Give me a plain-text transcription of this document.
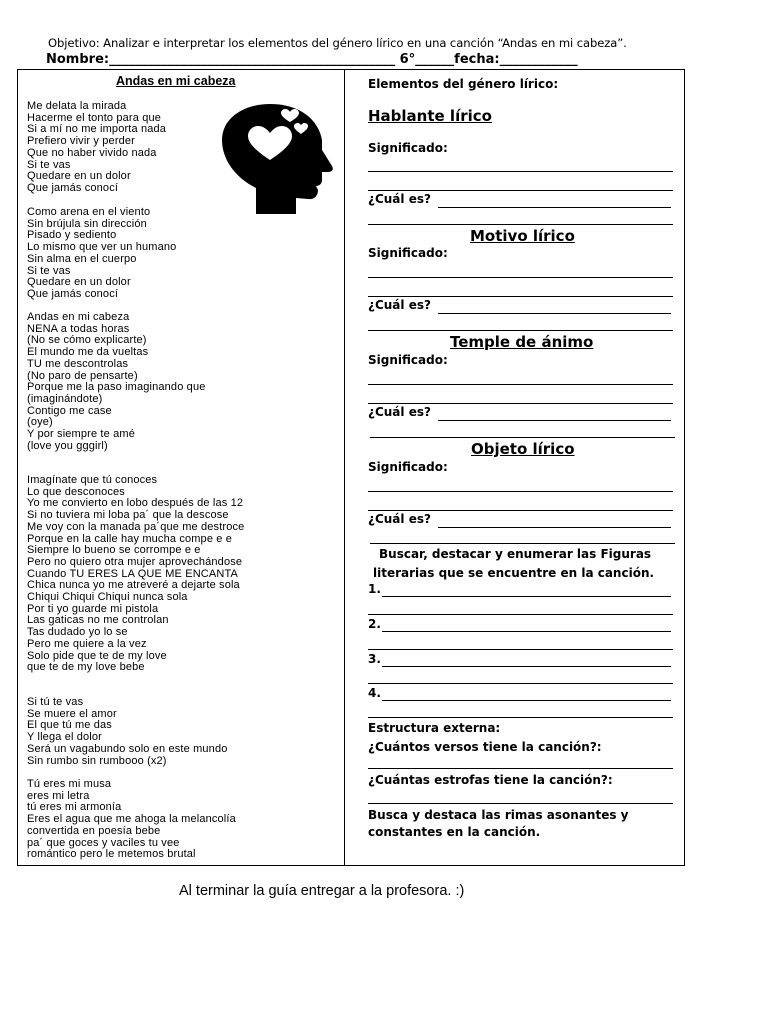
Objetivo: Analizar e interpretar los elementos del género lírico en una canción “Andas en mi cabeza”.
Nombre:____________________________________________ 6°______fecha:____________
Andas en mi cabeza
Me delata la mirada
Hacerme el tonto para que
Si a mí no me importa nada
Prefiero vivir y perder
Que no haber vivido nada
Si te vas
Quedare en un dolor
Que jamás conocí
Como arena en el viento
Sin brújula sin dirección
Pisado y sediento
Lo mismo que ver un humano
Sin alma en el cuerpo
Si te vas
Quedare en un dolor
Que jamás conocí
Andas en mi cabeza
NENA a todas horas
(No se cómo explicarte)
El mundo me da vueltas
TU me descontrolas
(No paro de pensarte)
Porque me la paso imaginando que
(imaginándote)
Contigo me case
(oye)
Y por siempre te amé
(love you gggirl)
Imagínate que tú conoces
Lo que desconoces
Yo me convierto en lobo después de las 12
Si no tuviera mi loba pa´ que la descose
Me voy con la manada pa´que me destroce
Porque en la calle hay mucha compe e e
Siempre lo bueno se corrompe e e
Pero no quiero otra mujer aprovechándose
Cuando TU ERES LA QUE ME ENCANTA
Chica nunca yo me atreveré a dejarte sola
Chiqui Chiqui Chiqui nunca sola
Por ti yo guarde mi pistola
Las gaticas no me controlan
Tas dudado yo lo se
Pero me quiere a la vez
Solo pide que te de my love
que te de my love bebe
Si tú te vas
Se muere el amor
El que tú me das
Y llega el dolor
Será un vagabundo solo en este mundo
Sin rumbo sin rumbooo (x2)
Tú eres mi musa
eres mi letra
tú eres mi armonía
Eres el agua que me ahoga la melancolía
convertida en poesía bebe
pa´ que goces y vaciles tu vee
romántico pero le metemos brutal
Elementos del género lírico:
Hablante lírico
Significado:
¿Cuál es?
Motivo lírico
Significado:
¿Cuál es?
Temple de ánimo
Significado:
¿Cuál es?
Objeto lírico
Significado:
¿Cuál es?
Buscar, destacar y enumerar las Figuras
literarias que se encuentre en la canción.
1.
2.
3.
4.
Estructura externa:
¿Cuántos versos tiene la canción?:
¿Cuántas estrofas tiene la canción?:
Busca y destaca las rimas asonantes y
constantes en la canción.
Al terminar la guía entregar a la profesora. :)
